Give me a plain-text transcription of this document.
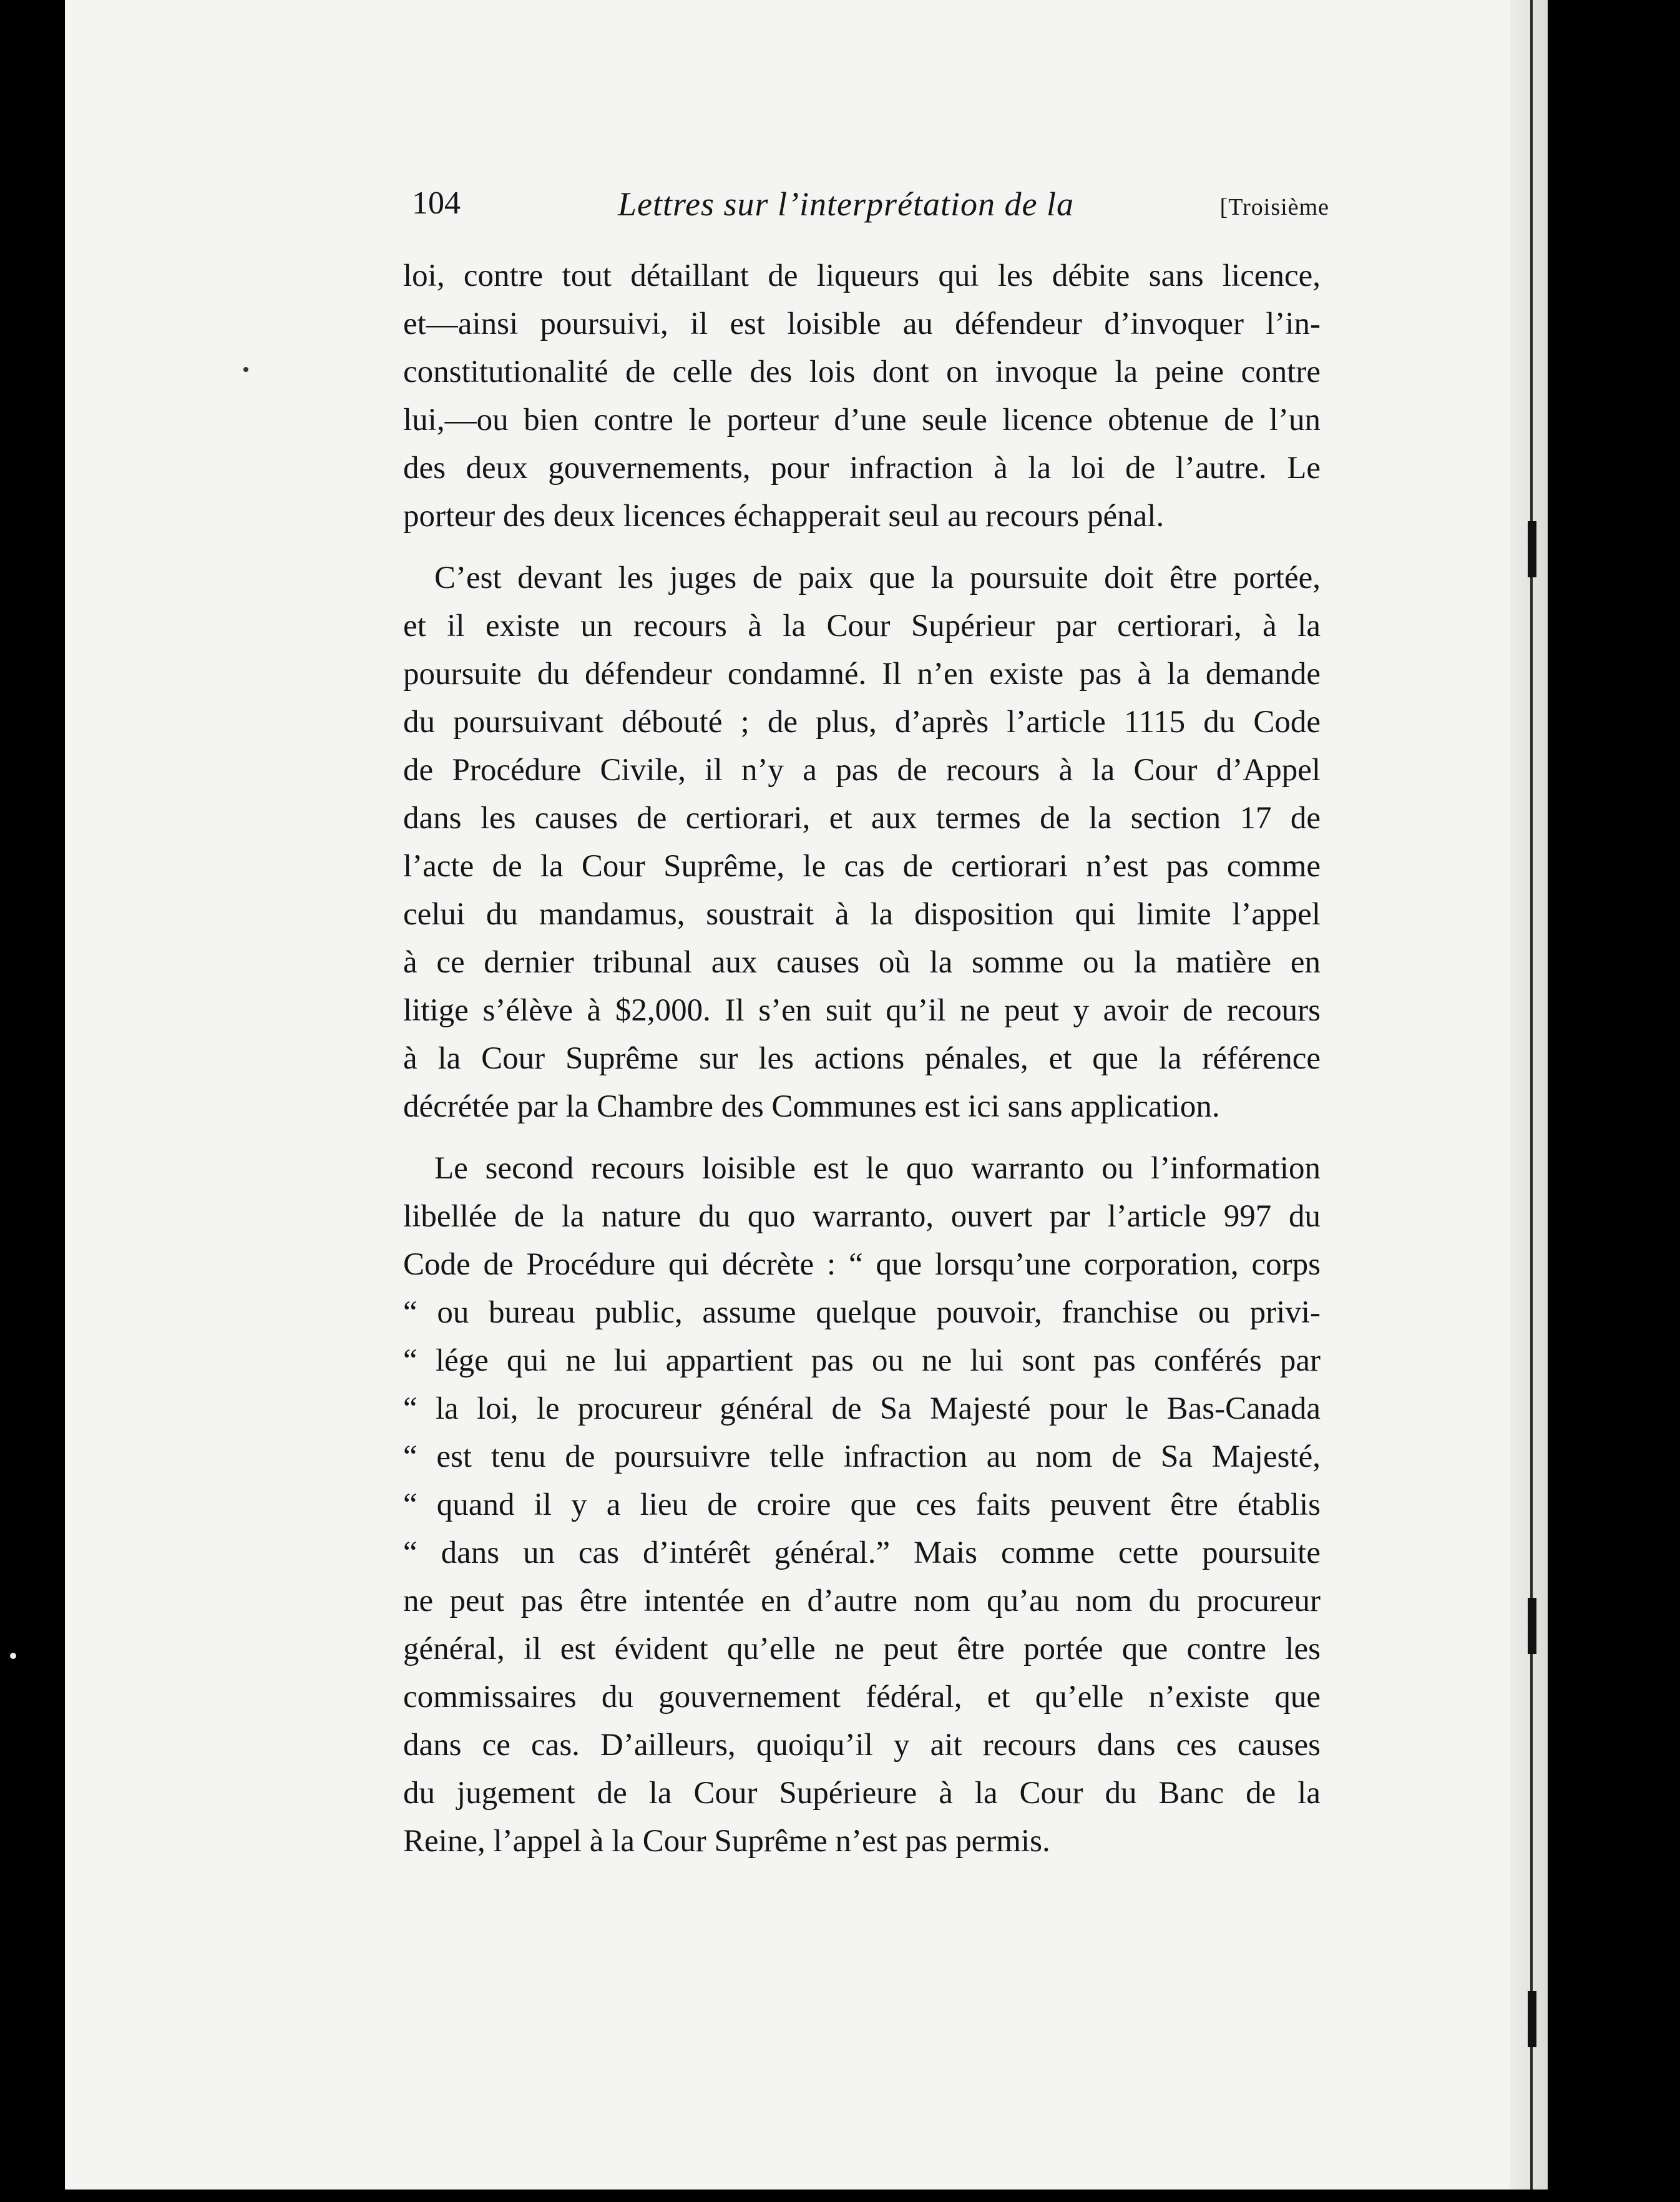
104	Lettres sur l’interprétation de la	[Troisième
loi, contre tout détaillant de liqueurs qui les débite sans licence,
et—ainsi poursuivi, il est loisible au défendeur d’invoquer l’in-
constitutionalité de celle des lois dont on invoque la peine contre
lui,—ou bien contre le porteur d’une seule licence obtenue de l’un
des deux gouvernements, pour infraction à la loi de l’autre. Le
porteur des deux licences échapperait seul au recours pénal.
C’est devant les juges de paix que la poursuite doit être portée,
et il existe un recours à la Cour Supérieur par certiorari, à la
poursuite du défendeur condamné. Il n’en existe pas à la demande
du poursuivant débouté ; de plus, d’après l’article 1115 du Code
de Procédure Civile, il n’y a pas de recours à la Cour d’Appel
dans les causes de certiorari, et aux termes de la section 17 de
l’acte de la Cour Suprême, le cas de certiorari n’est pas comme
celui du mandamus, soustrait à la disposition qui limite l’appel
à ce dernier tribunal aux causes où la somme ou la matière en
litige s’élève à $2,000. Il s’en suit qu’il ne peut y avoir de recours
à la Cour Suprême sur les actions pénales, et que la référence
décrétée par la Chambre des Communes est ici sans application.
Le second recours loisible est le quo warranto ou l’information
libellée de la nature du quo warranto, ouvert par l’article 997 du
Code de Procédure qui décrète : “ que lorsqu’une corporation, corps
“ ou bureau public, assume quelque pouvoir, franchise ou privi-
“ lége qui ne lui appartient pas ou ne lui sont pas conférés par
“ la loi, le procureur général de Sa Majesté pour le Bas-Canada
“ est tenu de poursuivre telle infraction au nom de Sa Majesté,
“ quand il y a lieu de croire que ces faits peuvent être établis
“ dans un cas d’intérêt général.” Mais comme cette poursuite
ne peut pas être intentée en d’autre nom qu’au nom du procureur
général, il est évident qu’elle ne peut être portée que contre les
commissaires du gouvernement fédéral, et qu’elle n’existe que
dans ce cas. D’ailleurs, quoiqu’il y ait recours dans ces causes
du jugement de la Cour Supérieure à la Cour du Banc de la
Reine, l’appel à la Cour Suprême n’est pas permis.
